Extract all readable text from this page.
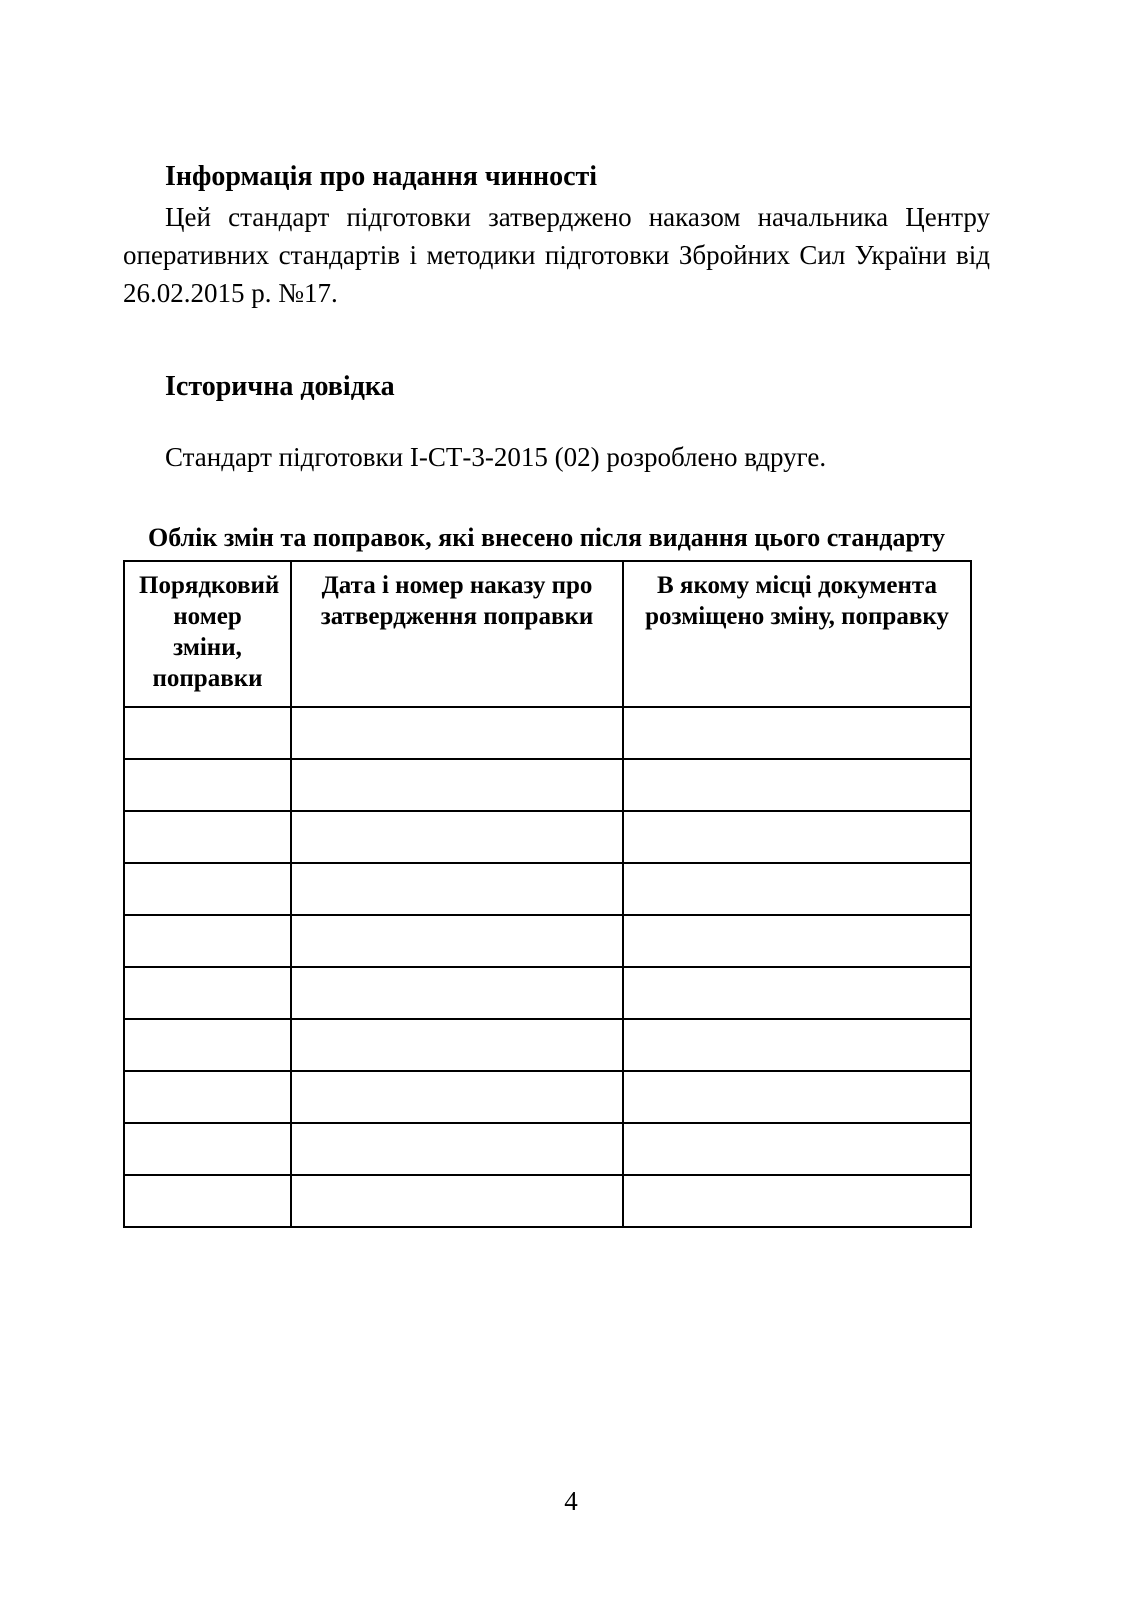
Інформація про надання чинності

Цей стандарт підготовки затверджено наказом начальника Центру оперативних стандартів і методики підготовки Збройних Сил України від 26.02.2015 р. №17.

Історична довідка

Стандарт підготовки І-СТ-3-2015 (02) розроблено вдруге.

Облік змін та поправок, які внесено після видання цього стандарту
Порядковий номер зміни, поправки	Дата і номер наказу про затвердження поправки	В якому місці документа розміщено зміну, поправку

4
